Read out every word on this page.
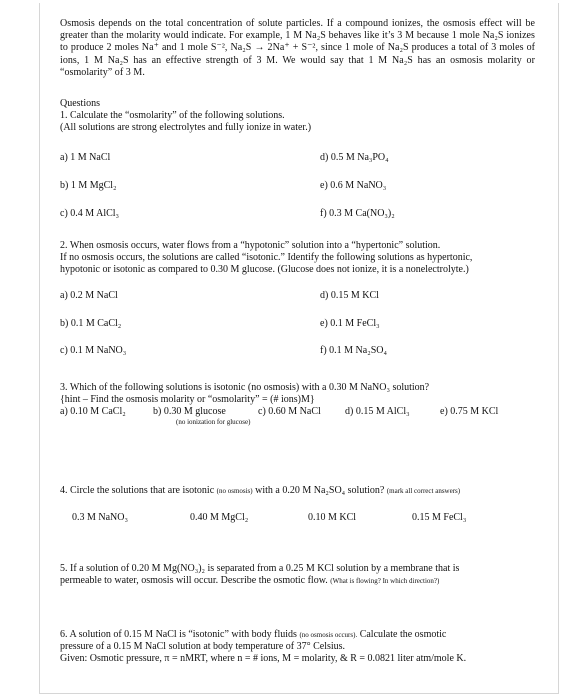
Osmosis depends on the total concentration of solute particles. If a compound ionizes, the osmosis effect will be greater than the molarity would indicate. For example, 1 M Na₂S behaves like it’s 3 M because 1 mole Na₂S ionizes to produce 2 moles Na⁺ and 1 mole S⁻², Na₂S → 2Na⁺ + S⁻², since 1 mole of Na₂S produces a total of 3 moles of ions, 1 M Na₂S has an effective strength of 3 M. We would say that 1 M Na₂S has an osmosis molarity or “osmolarity” of 3 M.
Questions
1. Calculate the “osmolarity” of the following solutions.
(All solutions are strong electrolytes and fully ionize in water.)
a) 1 M NaCl	d) 0.5 M Na₃PO₄
b) 1 M MgCl₂	e) 0.6 M NaNO₃
c) 0.4 M AlCl₃	f) 0.3 M Ca(NO₃)₂
2. When osmosis occurs, water flows from a “hypotonic” solution into a “hypertonic” solution.
If no osmosis occurs, the solutions are called “isotonic.” Identify the following solutions as hypertonic,
hypotonic or isotonic as compared to 0.30 M glucose. (Glucose does not ionize, it is a nonelectrolyte.)
a) 0.2 M NaCl	d) 0.15 M KCl
b) 0.1 M CaCl₂	e) 0.1 M FeCl₃
c) 0.1 M NaNO₃	f) 0.1 M Na₂SO₄
3. Which of the following solutions is isotonic (no osmosis) with a 0.30 M NaNO₃ solution?
{hint – Find the osmosis molarity or “osmolarity” = (# ions)M}
a) 0.10 M CaCl₂	b) 0.30 M glucose	c) 0.60 M NaCl d) 0.15 M AlCl₃	e) 0.75 M KCl
(no ionization for glucose)
4. Circle the solutions that are isotonic (no osmosis) with a 0.20 M Na₂SO₄ solution? (mark all correct answers)
0.3 M NaNO₃	0.40 M MgCl₂	0.10 M KCl	0.15 M FeCl₃
5. If a solution of 0.20 M Mg(NO₃)₂ is separated from a 0.25 M KCl solution by a membrane that is
permeable to water, osmosis will occur. Describe the osmotic flow. (What is flowing? In which direction?)
6. A solution of 0.15 M NaCl is “isotonic” with body fluids (no osmosis occurs). Calculate the osmotic
pressure of a 0.15 M NaCl solution at body temperature of 37° Celsius.
Given: Osmotic pressure, π = nMRT, where n = # ions, M = molarity, & R = 0.0821 liter atm/mole K.
